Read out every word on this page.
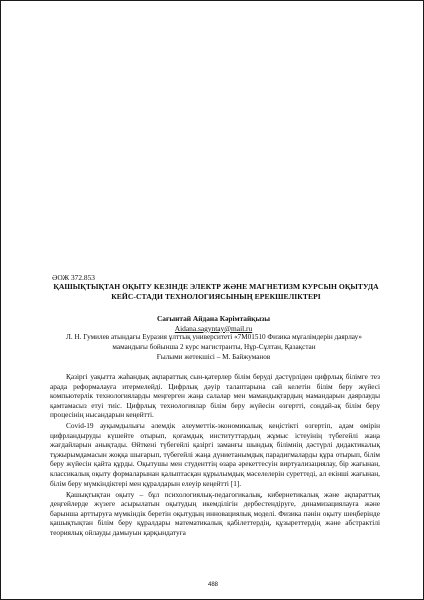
ӘОЖ 372.853
ҚАШЫҚТЫҚТАН ОҚЫТУ КЕЗІНДЕ ЭЛЕКТР ЖӘНЕ МАГНЕТИЗМ КУРСЫН ОҚЫТУДА КЕЙС-СТАДИ ТЕХНОЛОГИЯСЫНЫҢ ЕРЕКШЕЛІКТЕРІ
Сағынтай Айдана Кәрімтайқызы
Aidana.sagyntay@mail.ru
Л. Н. Гумилев атындағы Еуразия ұлттық университеті «7М01510 Физика мұғалімдерін даярлау» мамандығы бойынша 2 курс магистранты, Нұр-Сұлтан, Қазақстан
Ғылыми жетекшісі – М. Байжуманов

Қазіргі уақытта жаһандық ақпараттық сын-қатерлер білім беруді дәстүрліден цифрлық білімге тез арада реформалауға итермелейді. Цифрлық дәуір талаптарына сай келетін білім беру жүйесі компьютерлік технологияларды меңгерген жаңа салалар мен мамандықтардың мамандарын даярлауды қамтамасыз етуі тиіс. Цифрлық технологиялар білім беру жүйесін өзгертті, сондай-ақ білім беру процесінің нысандарын кеңейтті.

Covid-19 ауқымдылығы әлемдік әлеуметтік-экономикалық кеңістікті өзгертіп, адам өмірін цифрландыруды күшейте отырып, қоғамдық институттардың жұмыс істеуінің түбегейлі жаңа жағдайларын анықтады. Өйткені түбегейлі қазіргі заманғы шындық білімнің дәстүрлі дидактикалық тұжырымдамасын жоққа шығарып, түбегейлі жаңа дүниетанымдық парадигмаларды құра отырып, білім беру жүйесін қайта құрды. Оқытушы мен студенттің өзара әрекеттесуін виртуализациялау, бір жағынан, классикалық оқыту формаларынан қалыптасқан құрылымдық мәселелерін суреттеді, ал екінші жағынан, білім беру мүмкіндіктері мен құралдарын елеуір кеңейтті [1].

Қашықтықтан оқыту – бұл психологиялық-педагогикалық, кибернетикалық және ақпараттық деңгейлерде жүзеге асырылатын оқытудың икемділігін дербестендіруге, динамизациялауға және барынша арттыруға мүмкіндік беретін оқытудың инновациялық моделі. Физика пәнін оқыту шеңберінде қашықтықтан білім беру құралдары математикалық қабілеттердің, құзыреттердің және абстрактілі теориялық ойлауды дамыуын қарқындатуға

488
